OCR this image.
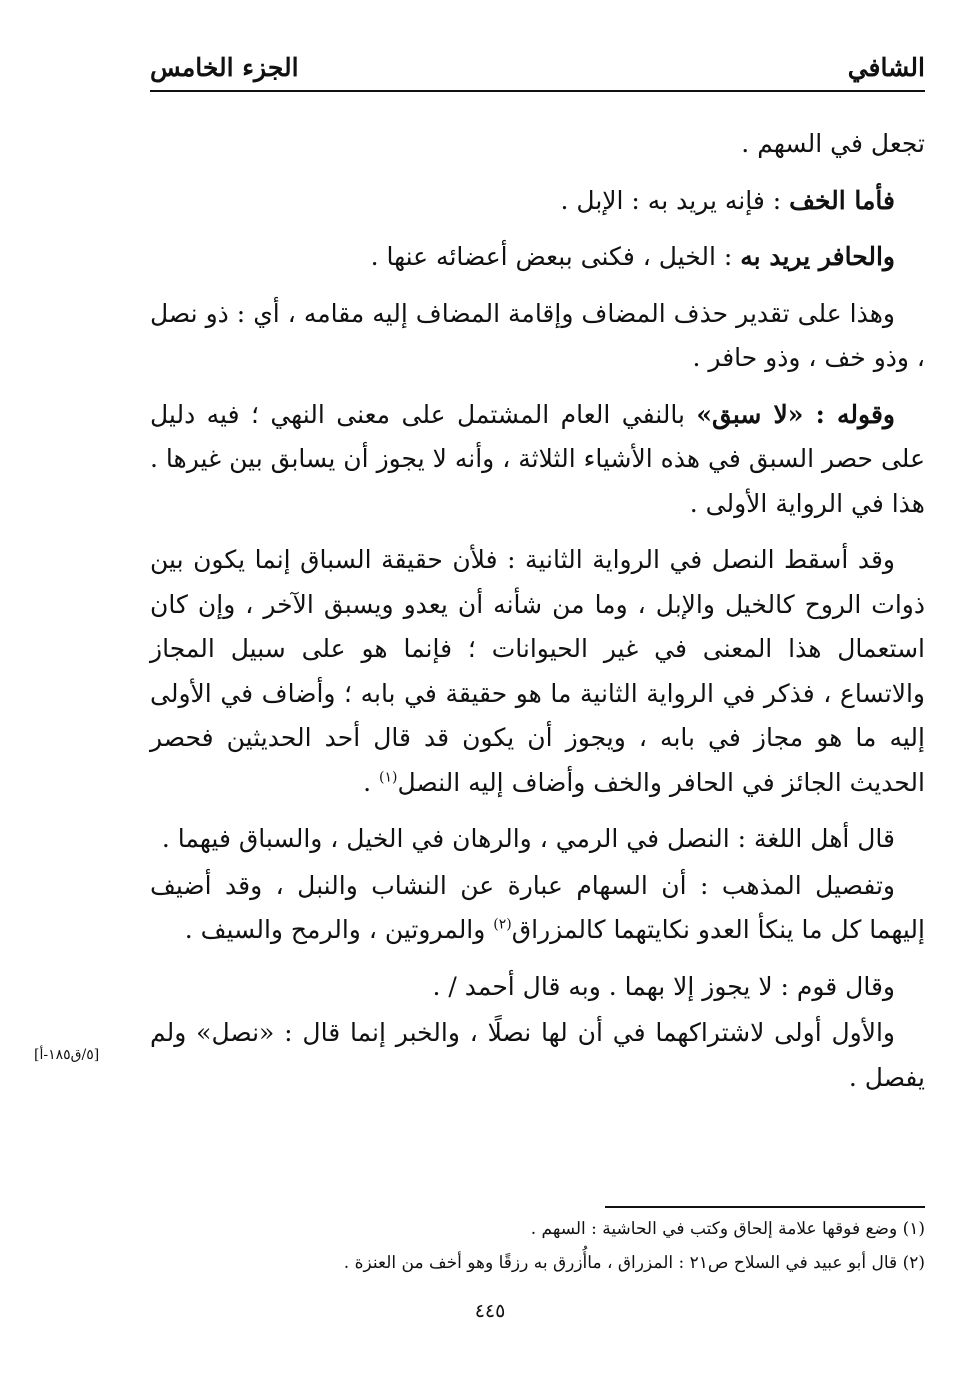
الشافي
الجزء الخامس

تجعل في السهم .

فأما الخف : فإنه يريد به : الإبل .

والحافر يريد به : الخيل ، فكنى ببعض أعضائه عنها .

وهذا على تقدير حذف المضاف وإقامة المضاف إليه مقامه ، أي : ذو نصل ، وذو خف ، وذو حافر .

وقوله : «لا سبق» بالنفي العام المشتمل على معنى النهي ؛ فيه دليل على حصر السبق في هذه الأشياء الثلاثة ، وأنه لا يجوز أن يسابق بين غيرها . هذا في الرواية الأولى .

وقد أسقط النصل في الرواية الثانية : فلأن حقيقة السباق إنما يكون بين ذوات الروح كالخيل والإبل ، وما من شأنه أن يعدو ويسبق الآخر ، وإن كان استعمال هذا المعنى في غير الحيوانات ؛ فإنما هو على سبيل المجاز والاتساع ، فذكر في الرواية الثانية ما هو حقيقة في بابه ؛ وأضاف في الأولى إليه ما هو مجاز في بابه ، ويجوز أن يكون قد قال أحد الحديثين فحصر الحديث الجائز في الحافر والخف وأضاف إليه النصل$^{(١)}$ .

قال أهل اللغة : النصل في الرمي ، والرهان في الخيل ، والسباق فيهما .

وتفصيل المذهب : أن السهام عبارة عن النشاب والنبل ، وقد أضيف إليهما كل ما ينكأ العدو نكايتهما كالمزراق$^{(٢)}$ والمروتين ، والرمح والسيف .

وقال قوم : لا يجوز إلا بهما . وبه قال أحمد / .

والأول أولى لاشتراكهما في أن لها نصلًا ، والخبر إنما قال : «نصل» ولم يفصل .

[٥/ق١٨٥-أ]

(١) وضع فوقها علامة إلحاق وكتب في الحاشية : السهم .

(٢) قال أبو عبيد في السلاح ص٢١ : المزراق ، ماأُزرق به رزقًا وهو أخف من العنزة .

٤٤٥
